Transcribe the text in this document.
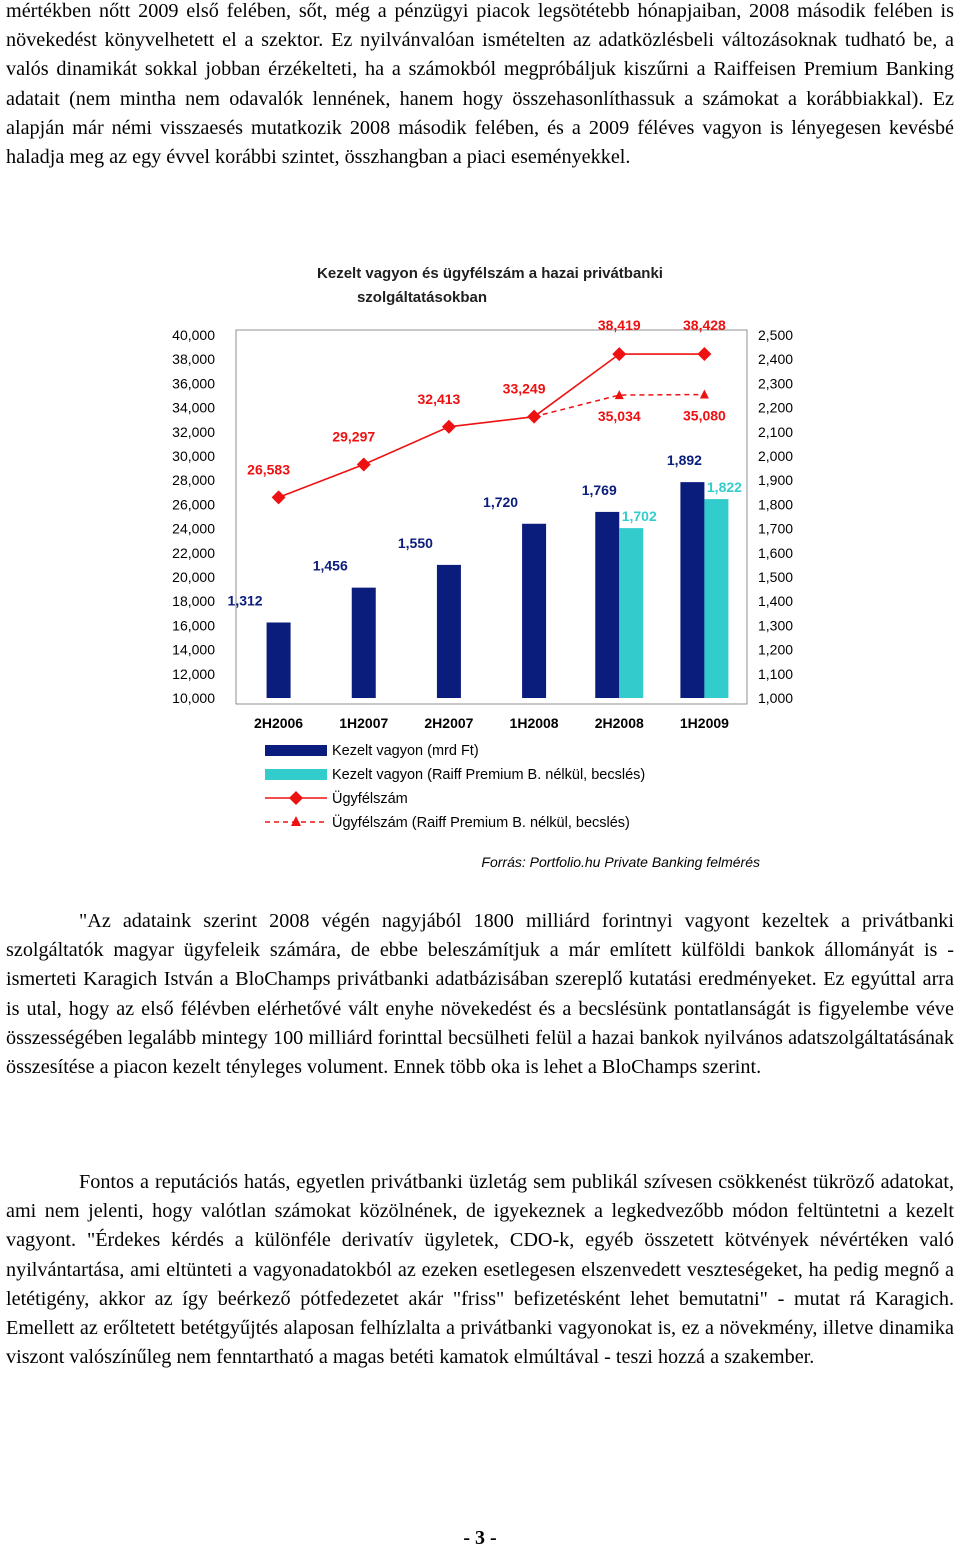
mértékben nőtt 2009 első felében, sőt, még a pénzügyi piacok legsötétebb hónapjaiban, 2008 második felében is növekedést könyvelhetett el a szektor. Ez nyilvánvalóan ismételten az adatközlésbeli változásoknak tudható be, a valós dinamikát sokkal jobban érzékelteti, ha a számokból megpróbáljuk kiszűrni a Raiffeisen Premium Banking adatait (nem mintha nem odavalók lennének, hanem hogy összehasonlíthassuk a számokat a korábbiakkal). Ez alapján már némi visszaesés mutatkozik 2008 második felében, és a 2009 féléves vagyon is lényegesen kevésbé haladja meg az egy évvel korábbi szintet, összhangban a piaci eseményekkel.

Kezelt vagyon és ügyfélszám a hazai privátbanki
szolgáltatásokban
10,000
12,000
14,000
16,000
18,000
20,000
22,000
24,000
26,000
28,000
30,000
32,000
34,000
36,000
38,000
40,000
1,000
1,100
1,200
1,300
1,400
1,500
1,600
1,700
1,800
1,900
2,000
2,100
2,200
2,300
2,400
2,500
1,312
1,456
1,550
1,720
1,769
1,702
1,892
1,822
35,034	35,080
26,583
29,297
32,413
33,249
38,419	38,428
2H2006	1H2007	2H2007	1H2008	2H2008	1H2009
Kezelt vagyon (mrd Ft)
Kezelt vagyon (Raiff Premium B. nélkül, becslés)
Ügyfélszám
Ügyfélszám (Raiff Premium B. nélkül, becslés)
Forrás: Portfolio.hu Private Banking felmérés

"Az adataink szerint 2008 végén nagyjából 1800 milliárd forintnyi vagyont kezeltek a privátbanki szolgáltatók magyar ügyfeleik számára, de ebbe beleszámítjuk a már említett külföldi bankok állományát is - ismerteti Karagich István a BloChamps privátbanki adatbázisában szereplő kutatási eredményeket. Ez egyúttal arra is utal, hogy az első félévben elérhetővé vált enyhe növekedést és a becslésünk pontatlanságát is figyelembe véve összességében legalább mintegy 100 milliárd forinttal becsülheti felül a hazai bankok nyilvános adatszolgáltatásának összesítése a piacon kezelt tényleges volument. Ennek több oka is lehet a BloChamps szerint.

Fontos a reputációs hatás, egyetlen privátbanki üzletág sem publikál szívesen csökkenést tükröző adatokat, ami nem jelenti, hogy valótlan számokat közölnének, de igyekeznek a legkedvezőbb módon feltüntetni a kezelt vagyont. "Érdekes kérdés a különféle derivatív ügyletek, CDO-k, egyéb összetett kötvények névértéken való nyilvántartása, ami eltünteti a vagyonadatokból az ezeken esetlegesen elszenvedett veszteségeket, ha pedig megnő a letétigény, akkor az így beérkező pótfedezetet akár "friss" befizetésként lehet bemutatni" - mutat rá Karagich. Emellett az erőltetett betétgyűjtés alaposan felhízlalta a privátbanki vagyonokat is, ez a növekmény, illetve dinamika viszont valószínűleg nem fenntartható a magas betéti kamatok elmúltával - teszi hozzá a szakember.

- 3 -
